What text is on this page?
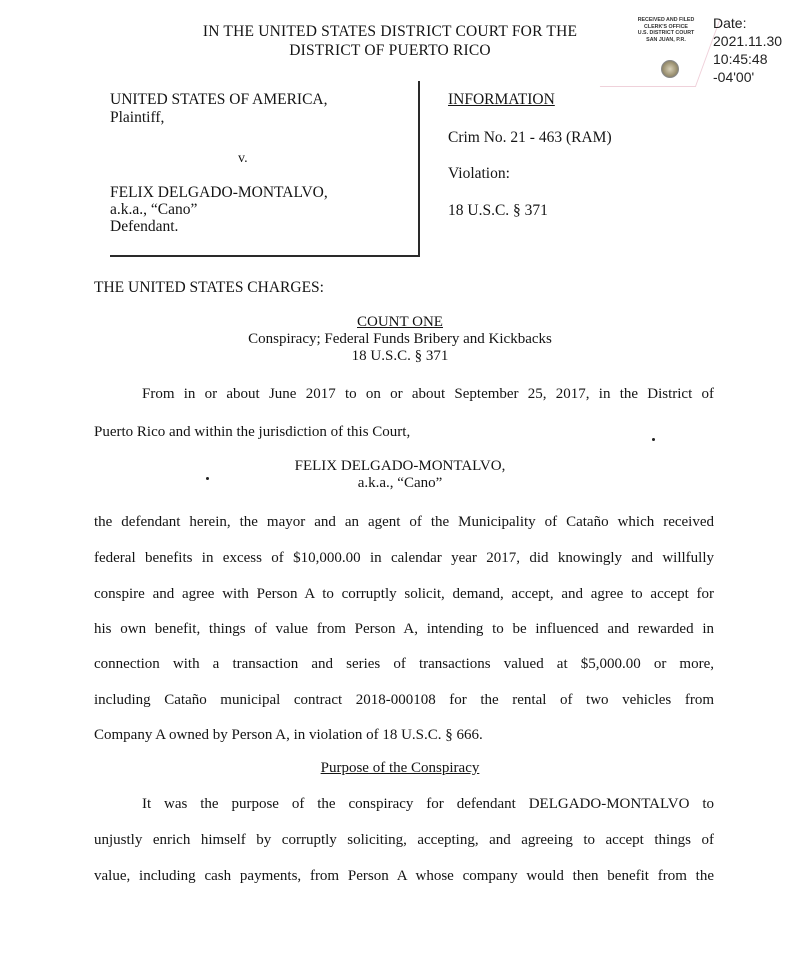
IN THE UNITED STATES DISTRICT COURT FOR THE
DISTRICT OF PUERTO RICO
RECEIVED AND FILED
CLERK'S OFFICE
U.S. DISTRICT COURT
SAN JUAN, P.R.
Date:
2021.11.30
10:45:48
-04'00'
UNITED STATES OF AMERICA,
Plaintiff,
v.
FELIX DELGADO-MONTALVO,
a.k.a., “Cano”
Defendant.
INFORMATION
Crim No. 21 - 463 (RAM)
Violation:
18 U.S.C. § 371
THE UNITED STATES CHARGES:
COUNT ONE
Conspiracy; Federal Funds Bribery and Kickbacks
18 U.S.C. § 371
From in or about June 2017 to on or about September 25, 2017, in the District of
Puerto Rico and within the jurisdiction of this Court,
FELIX DELGADO-MONTALVO,
a.k.a., “Cano”
the defendant herein, the mayor and an agent of the Municipality of Cataño which received
federal benefits in excess of $10,000.00 in calendar year 2017, did knowingly and willfully
conspire and agree with Person A to corruptly solicit, demand, accept, and agree to accept for
his own benefit, things of value from Person A, intending to be influenced and rewarded in
connection with a transaction and series of transactions valued at $5,000.00 or more,
including Cataño municipal contract 2018-000108 for the rental of two vehicles from
Company A owned by Person A, in violation of 18 U.S.C. § 666.
Purpose of the Conspiracy
It was the purpose of the conspiracy for defendant DELGADO-MONTALVO to
unjustly enrich himself by corruptly soliciting, accepting, and agreeing to accept things of
value, including cash payments, from Person A whose company would then benefit from the
